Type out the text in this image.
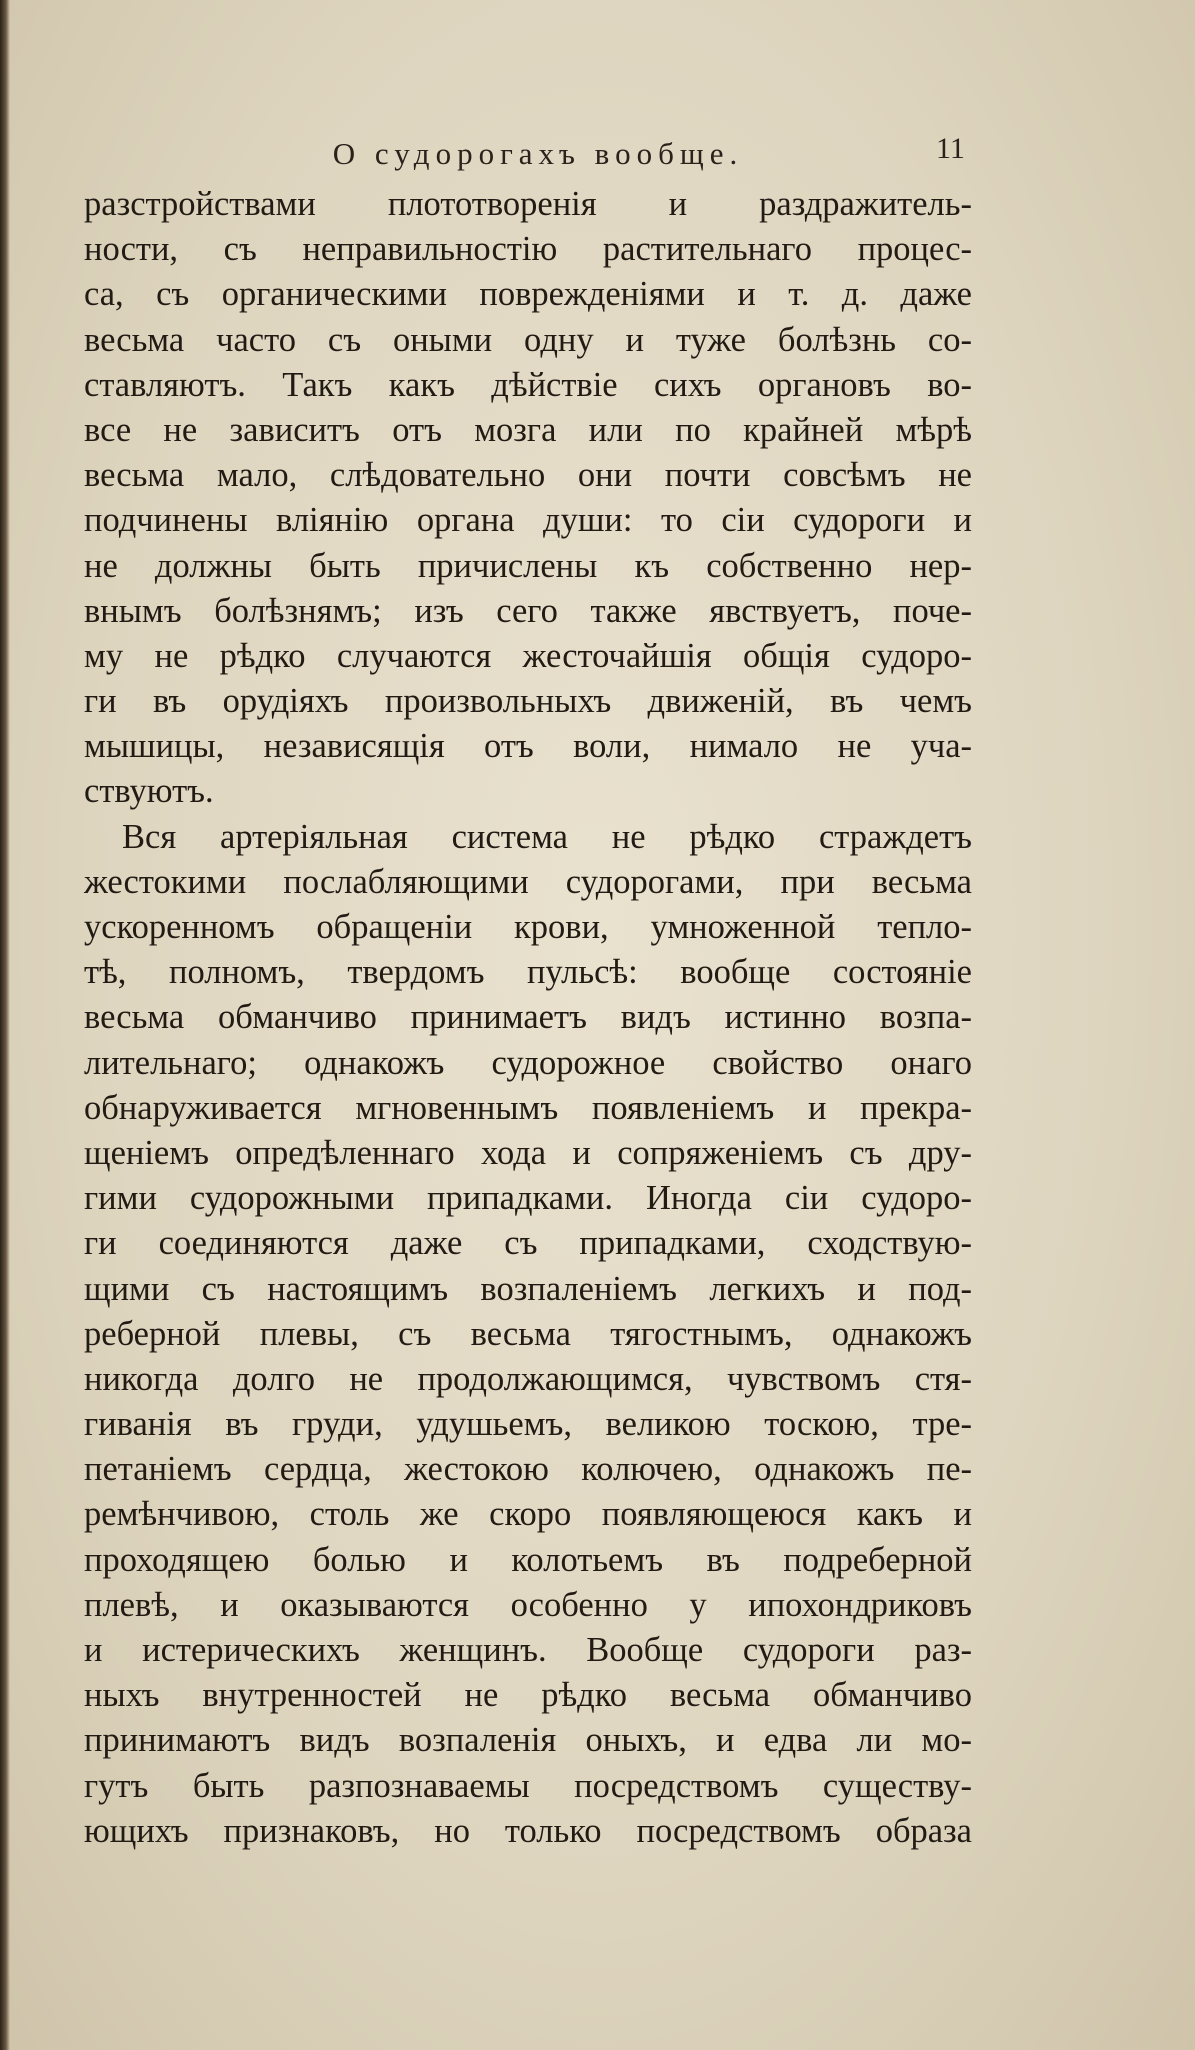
О судорогахъ вообще.	11
разстройствами плототворенія и раздражитель-
ности, съ неправильностію растительнаго процес-
са, съ органическими поврежденіями и т. д. даже
весьма часто съ оными одну и туже болѣзнь со-
ставляютъ. Такъ какъ дѣйствіе сихъ органовъ во-
все не зависитъ отъ мозга или по крайней мѣрѣ
весьма мало, слѣдовательно они почти совсѣмъ не
подчинены вліянію органа души: то сіи судороги и
не должны быть причислены къ собственно нер-
внымъ болѣзнямъ; изъ сего также явствуетъ, поче-
му не рѣдко случаются жесточайшія общія судоро-
ги въ орудіяхъ произвольныхъ движеній, въ чемъ
мышицы, независящія отъ воли, нимало не уча-
ствуютъ.
Вся артеріяльная система не рѣдко страждетъ
жестокими послабляющими судорогами, при весьма
ускоренномъ обращеніи крови, умноженной тепло-
тѣ, полномъ, твердомъ пульсѣ: вообще состояніе
весьма обманчиво принимаетъ видъ истинно возпа-
лительнаго; однакожъ судорожное свойство онаго
обнаруживается мгновеннымъ появленіемъ и прекра-
щеніемъ опредѣленнаго хода и сопряженіемъ съ дру-
гими судорожными припадками. Иногда сіи судоро-
ги соединяются даже съ припадками, сходствую-
щими съ настоящимъ возпаленіемъ легкихъ и под-
реберной плевы, съ весьма тягостнымъ, однакожъ
никогда долго не продолжающимся, чувствомъ стя-
гиванія въ груди, удушьемъ, великою тоскою, тре-
петаніемъ сердца, жестокою колючею, однакожъ пе-
ремѣнчивою, столь же скоро появляющеюся какъ и
проходящею болью и колотьемъ въ подреберной
плевѣ, и оказываются особенно у ипохондриковъ
и истерическихъ женщинъ. Вообще судороги раз-
ныхъ внутренностей не рѣдко весьма обманчиво
принимаютъ видъ возпаленія оныхъ, и едва ли мо-
гутъ быть разпознаваемы посредствомъ существу-
ющихъ признаковъ, но только посредствомъ образа
